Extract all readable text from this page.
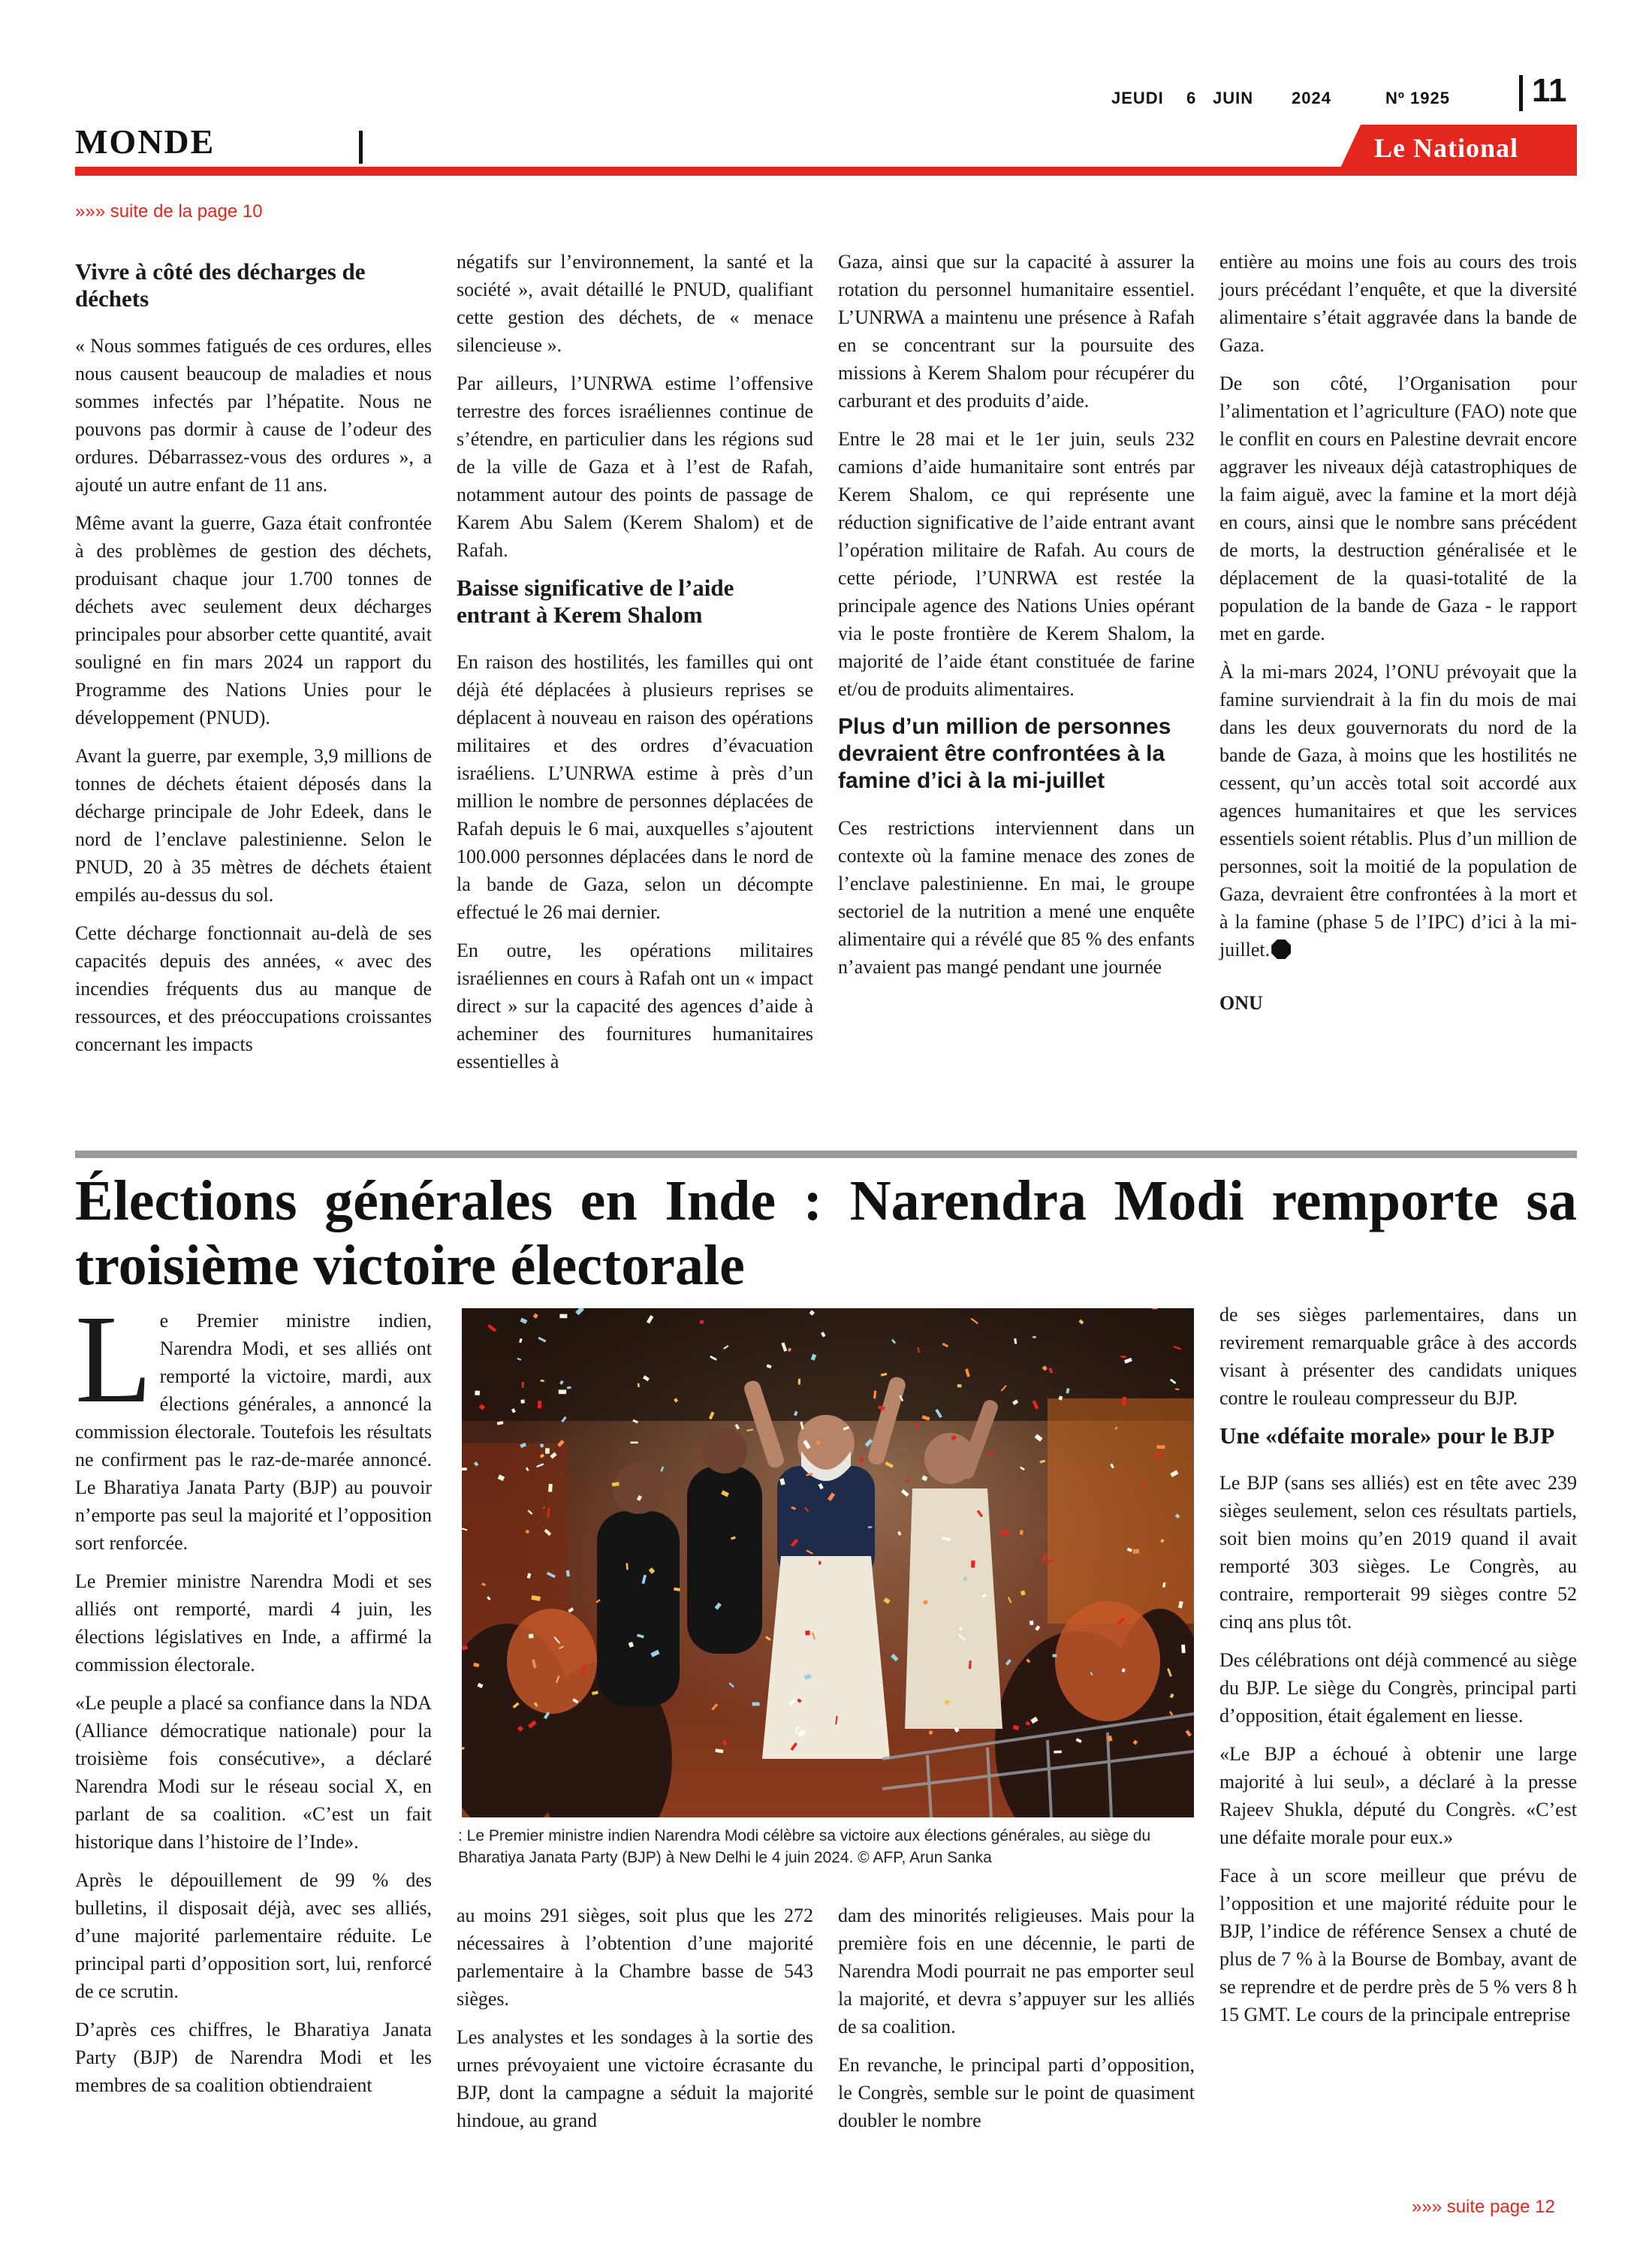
JEUDI 6 JUIN 2024	Nº 1925 11
MONDE	Le National
»»» suite de la page 10
Vivre à côté des décharges de déchets

« Nous sommes fatigués de ces ordures, elles nous causent beaucoup de maladies et nous sommes infectés par l’hépatite. Nous ne pouvons pas dormir à cause de l’odeur des ordures. Débarrassez-vous des ordures », a ajouté un autre enfant de 11 ans.

Même avant la guerre, Gaza était confrontée à des problèmes de gestion des déchets, produisant chaque jour 1.700 tonnes de déchets avec seulement deux décharges principales pour absorber cette quantité, avait souligné en fin mars 2024 un rapport du Programme des Nations Unies pour le développement (PNUD).

Avant la guerre, par exemple, 3,9 millions de tonnes de déchets étaient déposés dans la décharge principale de Johr Edeek, dans le nord de l’enclave palestinienne. Selon le PNUD, 20 à 35 mètres de déchets étaient empilés au-dessus du sol.

Cette décharge fonctionnait au-delà de ses capacités depuis des années, « avec des incendies fréquents dus au manque de ressources, et des préoccupations croissantes concernant les impacts

négatifs sur l’environnement, la santé et la société », avait détaillé le PNUD, qualifiant cette gestion des déchets, de « menace silencieuse ».

Par ailleurs, l’UNRWA estime l’offensive terrestre des forces israéliennes continue de s’étendre, en particulier dans les régions sud de la ville de Gaza et à l’est de Rafah, notamment autour des points de passage de Karem Abu Salem (Kerem Shalom) et de Rafah.

Baisse significative de l’aide entrant à Kerem Shalom

En raison des hostilités, les familles qui ont déjà été déplacées à plusieurs reprises se déplacent à nouveau en raison des opérations militaires et des ordres d’évacuation israéliens. L’UNRWA estime à près d’un million le nombre de personnes déplacées de Rafah depuis le 6 mai, auxquelles s’ajoutent 100.000 personnes déplacées dans le nord de la bande de Gaza, selon un décompte effectué le 26 mai dernier.

En outre, les opérations militaires israéliennes en cours à Rafah ont un « impact direct » sur la capacité des agences d’aide à acheminer des fournitures humanitaires essentielles à

Gaza, ainsi que sur la capacité à assurer la rotation du personnel humanitaire essentiel. L’UNRWA a maintenu une présence à Rafah en se concentrant sur la poursuite des missions à Kerem Shalom pour récupérer du carburant et des produits d’aide.

Entre le 28 mai et le 1er juin, seuls 232 camions d’aide humanitaire sont entrés par Kerem Shalom, ce qui représente une réduction significative de l’aide entrant avant l’opération militaire de Rafah. Au cours de cette période, l’UNRWA est restée la principale agence des Nations Unies opérant via le poste frontière de Kerem Shalom, la majorité de l’aide étant constituée de farine et/ou de produits alimentaires.

Plus d’un million de personnes devraient être confrontées à la famine d’ici à la mi-juillet

Ces restrictions interviennent dans un contexte où la famine menace des zones de l’enclave palestinienne. En mai, le groupe sectoriel de la nutrition a mené une enquête alimentaire qui a révélé que 85 % des enfants n’avaient pas mangé pendant une journée

entière au moins une fois au cours des trois jours précédant l’enquête, et que la diversité alimentaire s’était aggravée dans la bande de Gaza.

De son côté, l’Organisation pour l’alimentation et l’agriculture (FAO) note que le conflit en cours en Palestine devrait encore aggraver les niveaux déjà catastrophiques de la faim aiguë, avec la famine et la mort déjà en cours, ainsi que le nombre sans précédent de morts, la destruction généralisée et le déplacement de la quasi-totalité de la population de la bande de Gaza - le rapport met en garde.

À la mi-mars 2024, l’ONU prévoyait que la famine surviendrait à la fin du mois de mai dans les deux gouvernorats du nord de la bande de Gaza, à moins que les hostilités ne cessent, qu’un accès total soit accordé aux agences humanitaires et que les services essentiels soient rétablis. Plus d’un million de personnes, soit la moitié de la population de Gaza, devraient être confrontées à la mort et à la famine (phase 5 de l’IPC) d’ici à la mi-juillet.

ONU

Élections générales en Inde : Narendra Modi remporte sa troisième victoire électorale

Le Premier ministre indien, Narendra Modi, et ses alliés ont remporté la victoire, mardi, aux élections générales, a annoncé la commission électorale. Toutefois les résultats ne confirment pas le raz-de-marée annoncé. Le Bharatiya Janata Party (BJP) au pouvoir n’emporte pas seul la majorité et l’opposition sort renforcée.

Le Premier ministre Narendra Modi et ses alliés ont remporté, mardi 4 juin, les élections législatives en Inde, a affirmé la commission électorale.

«Le peuple a placé sa confiance dans la NDA (Alliance démocratique nationale) pour la troisième fois consécutive», a déclaré Narendra Modi sur le réseau social X, en parlant de sa coalition. «C’est un fait historique dans l’histoire de l’Inde».

Après le dépouillement de 99 % des bulletins, il disposait déjà, avec ses alliés, d’une majorité parlementaire réduite. Le principal parti d’opposition sort, lui, renforcé de ce scrutin.

D’après ces chiffres, le Bharatiya Janata Party (BJP) de Narendra Modi et les membres de sa coalition obtiendraient

: Le Premier ministre indien Narendra Modi célèbre sa victoire aux élections générales, au siège du Bharatiya Janata Party (BJP) à New Delhi le 4 juin 2024. © AFP, Arun Sanka

au moins 291 sièges, soit plus que les 272 nécessaires à l’obtention d’une majorité parlementaire à la Chambre basse de 543 sièges.

Les analystes et les sondages à la sortie des urnes prévoyaient une victoire écrasante du BJP, dont la campagne a séduit la majorité hindoue, au grand

dam des minorités religieuses. Mais pour la première fois en une décennie, le parti de Narendra Modi pourrait ne pas emporter seul la majorité, et devra s’appuyer sur les alliés de sa coalition.

En revanche, le principal parti d’opposition, le Congrès, semble sur le point de quasiment doubler le nombre

de ses sièges parlementaires, dans un revirement remarquable grâce à des accords visant à présenter des candidats uniques contre le rouleau compresseur du BJP.

Une «défaite morale» pour le BJP

Le BJP (sans ses alliés) est en tête avec 239 sièges seulement, selon ces résultats partiels, soit bien moins qu’en 2019 quand il avait remporté 303 sièges. Le Congrès, au contraire, remporterait 99 sièges contre 52 cinq ans plus tôt.

Des célébrations ont déjà commencé au siège du BJP. Le siège du Congrès, principal parti d’opposition, était également en liesse.

«Le BJP a échoué à obtenir une large majorité à lui seul», a déclaré à la presse Rajeev Shukla, député du Congrès. «C’est une défaite morale pour eux.»

Face à un score meilleur que prévu de l’opposition et une majorité réduite pour le BJP, l’indice de référence Sensex a chuté de plus de 7 % à la Bourse de Bombay, avant de se reprendre et de perdre près de 5 % vers 8 h 15 GMT. Le cours de la principale entreprise

»»» suite page 12
